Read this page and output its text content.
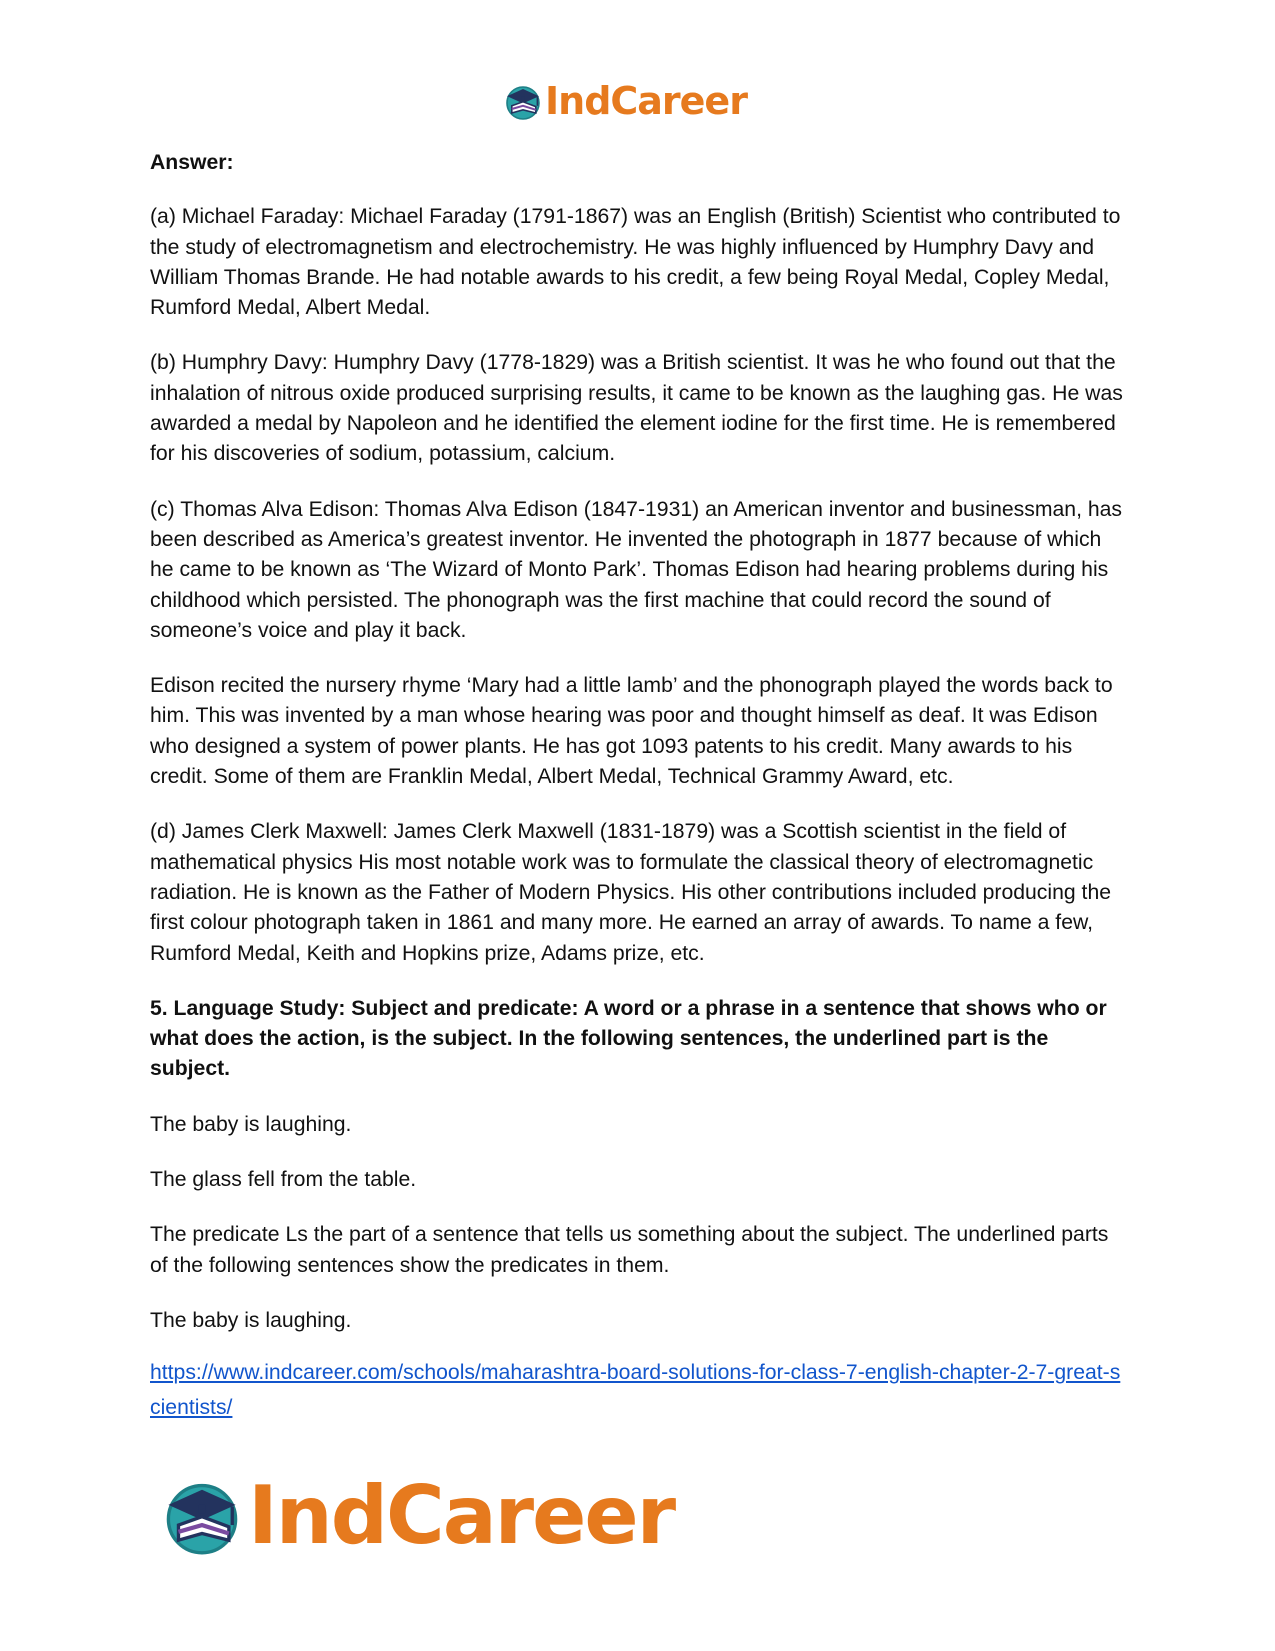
IndCareer

Answer:

(a) Michael Faraday: Michael Faraday (1791-1867) was an English (British) Scientist who contributed to the study of electromagnetism and electrochemistry. He was highly influenced by Humphry Davy and William Thomas Brande. He had notable awards to his credit, a few being Royal Medal, Copley Medal, Rumford Medal, Albert Medal.

(b) Humphry Davy: Humphry Davy (1778-1829) was a British scientist. It was he who found out that the inhalation of nitrous oxide produced surprising results, it came to be known as the laughing gas. He was awarded a medal by Napoleon and he identified the element iodine for the first time. He is remembered for his discoveries of sodium, potassium, calcium.

(c) Thomas Alva Edison: Thomas Alva Edison (1847-1931) an American inventor and businessman, has been described as America’s greatest inventor. He invented the photograph in 1877 because of which he came to be known as ‘The Wizard of Monto Park’. Thomas Edison had hearing problems during his childhood which persisted. The phonograph was the first machine that could record the sound of someone’s voice and play it back.

Edison recited the nursery rhyme ‘Mary had a little lamb’ and the phonograph played the words back to him. This was invented by a man whose hearing was poor and thought himself as deaf. It was Edison who designed a system of power plants. He has got 1093 patents to his credit. Many awards to his credit. Some of them are Franklin Medal, Albert Medal, Technical Grammy Award, etc.

(d) James Clerk Maxwell: James Clerk Maxwell (1831-1879) was a Scottish scientist in the field of mathematical physics His most notable work was to formulate the classical theory of electromagnetic radiation. He is known as the Father of Modern Physics. His other contributions included producing the first colour photograph taken in 1861 and many more. He earned an array of awards. To name a few, Rumford Medal, Keith and Hopkins prize, Adams prize, etc.

5. Language Study: Subject and predicate: A word or a phrase in a sentence that shows who or what does the action, is the subject. In the following sentences, the underlined part is the subject.

The baby is laughing.

The glass fell from the table.

The predicate Ls the part of a sentence that tells us something about the subject. The underlined parts of the following sentences show the predicates in them.

The baby is laughing.

https://www.indcareer.com/schools/maharashtra-board-solutions-for-class-7-english-chapter-2-7-great-scientists/
IndCareer
